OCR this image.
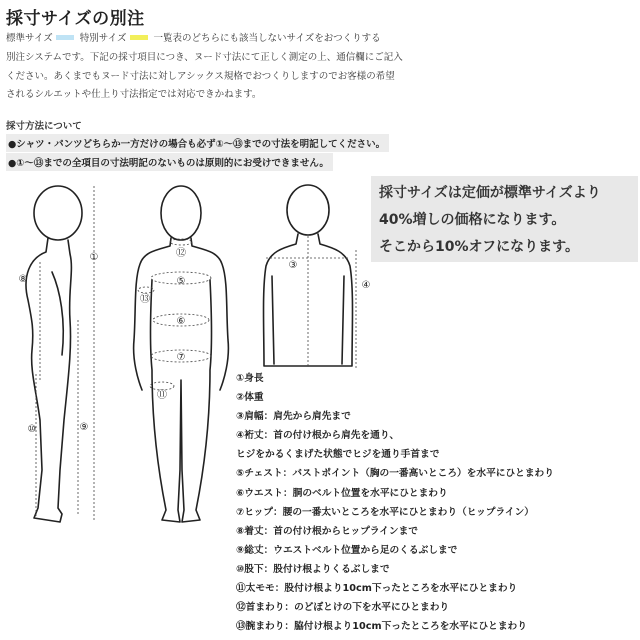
採寸サイズの別注
標準サイズ	特別サイズ	一覧表のどちらにも該当しないサイズをおつくりする
別注システムです。下記の採寸項目につき、ヌード寸法にて正しく測定の上、通信欄にご記入
ください。あくまでもヌード寸法に対しアシックス規格でおつくりしますのでお客様の希望
されるシルエットや仕上り寸法指定では対応できかねます。
採寸方法について
●シャツ・パンツどちらか一方だけの場合も必ず①～⑬までの寸法を明記してください。
●①～⑬までの全項目の寸法明記のないものは原則的にお受けできません。
採寸サイズは定価が標準サイズより
40%増しの価格になります。
そこから10%オフになります。
①
⑧
⑨
⑩
⑫
⑤
⑥
⑦
⑪
⑬
③
④
①身長
②体重
③肩幅：肩先から肩先まで
④裄丈：首の付け根から肩先を通り、
ヒジをかるくまげた状態でヒジを通り手首まで
⑤チェスト：バストポイント（胸の一番高いところ）を水平にひとまわり
⑥ウエスト：胴のベルト位置を水平にひとまわり
⑦ヒップ：腰の一番太いところを水平にひとまわり（ヒップライン）
⑧着丈：首の付け根からヒップラインまで
⑨総丈：ウエストベルト位置から足のくるぶしまで
⑩股下：股付け根よりくるぶしまで
⑪太モモ：股付け根より10cm下ったところを水平にひとまわり
⑫首まわり：のどぼとけの下を水平にひとまわり
⑬腕まわり：脇付け根より10cm下ったところを水平にひとまわり
